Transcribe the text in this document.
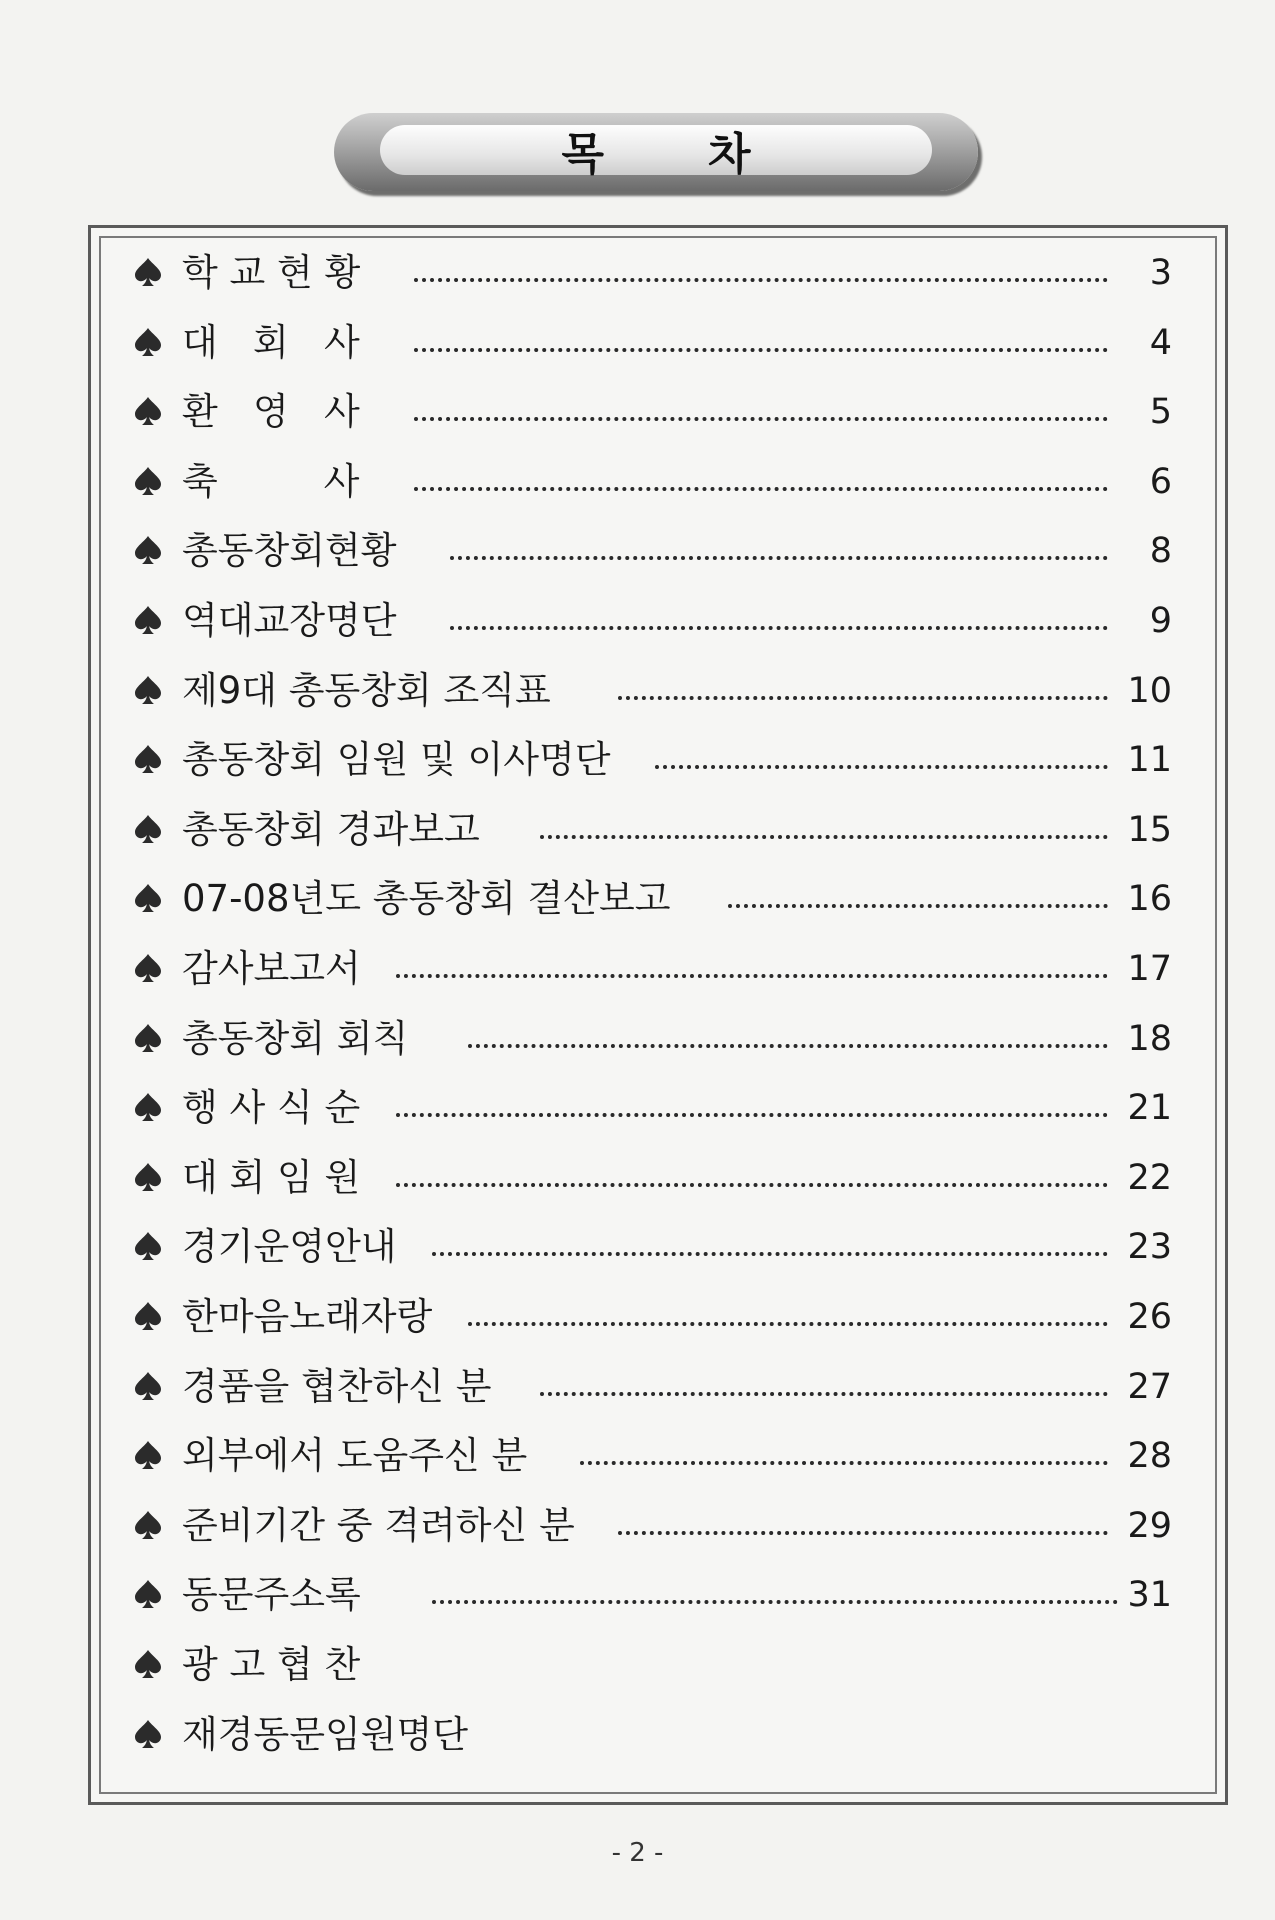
목 차
학 교 현 황	3
대   회   사	4
환   영   사	5
축         사	6
총동창회현황	8
역대교장명단	9
제9대 총동창회 조직표	10
총동창회 임원 및 이사명단	11
총동창회 경과보고	15
07-08년도 총동창회 결산보고	16
감사보고서	17
총동창회 회칙	18
행 사 식 순	21
대 회 임 원	22
경기운영안내	23
한마음노래자랑	26
경품을 협찬하신 분	27
외부에서 도움주신 분	28
준비기간 중 격려하신 분	29
동문주소록	31
광 고 협 찬
재경동문임원명단
- 2 -
